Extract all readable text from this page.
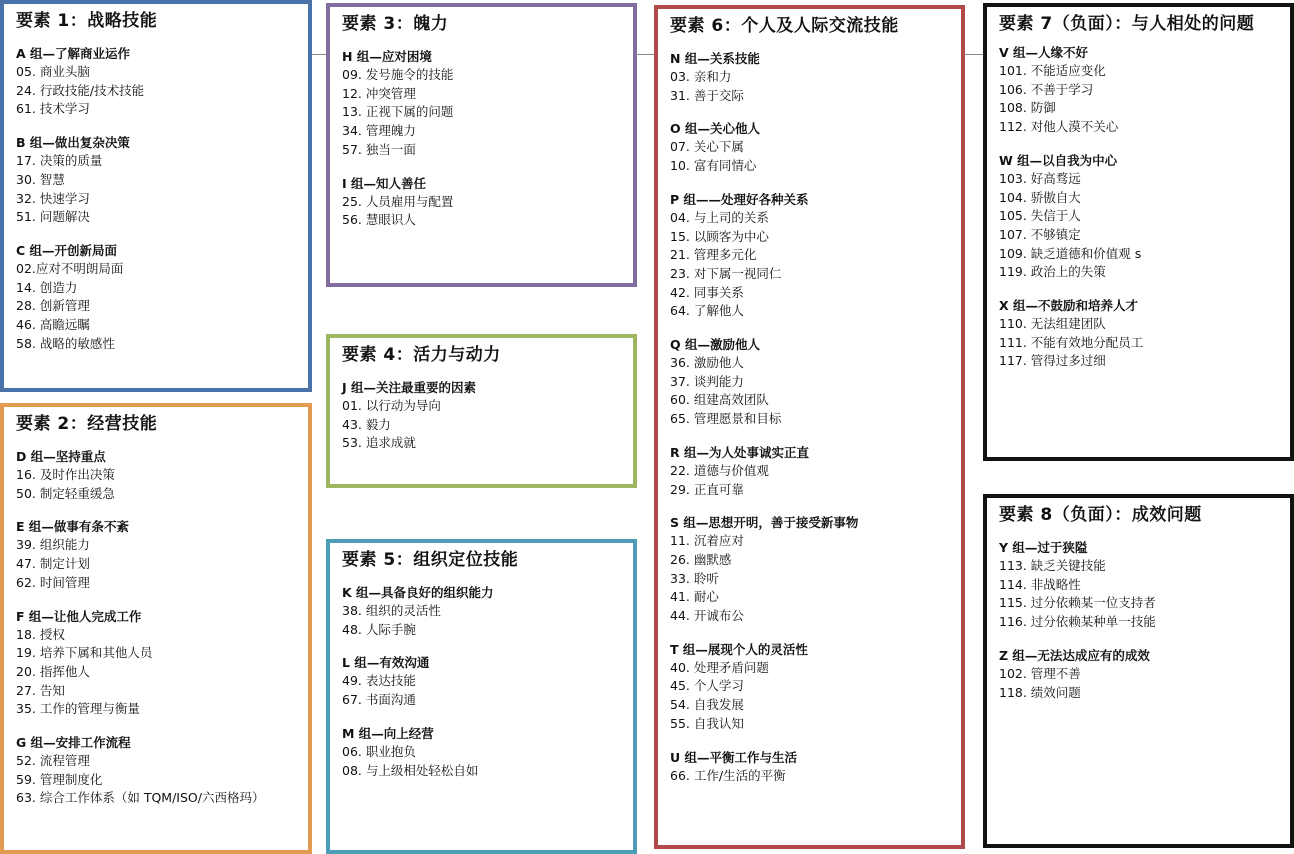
要素 1：战略技能
A 组—了解商业运作
05. 商业头脑
24. 行政技能/技术技能
61. 技术学习
B 组—做出复杂决策
17. 决策的质量
30. 智慧
32. 快速学习
51. 问题解决
C 组—开创新局面
02.应对不明朗局面
14. 创造力
28. 创新管理
46. 高瞻远瞩
58. 战略的敏感性
要素 2：经营技能
D 组—坚持重点
16. 及时作出决策
50. 制定轻重缓急
E 组—做事有条不紊
39. 组织能力
47. 制定计划
62. 时间管理
F 组—让他人完成工作
18. 授权
19. 培养下属和其他人员
20. 指挥他人
27. 告知
35. 工作的管理与衡量
G 组—安排工作流程
52. 流程管理
59. 管理制度化
63. 综合工作体系（如 TQM/ISO/六西格玛）
要素 3：魄力
H 组—应对困境
09. 发号施令的技能
12. 冲突管理
13. 正视下属的问题
34. 管理魄力
57. 独当一面
I 组—知人善任
25. 人员雇用与配置
56. 慧眼识人
要素 4：活力与动力
J 组—关注最重要的因素
01. 以行动为导向
43. 毅力
53. 追求成就
要素 5：组织定位技能
K 组—具备良好的组织能力
38. 组织的灵活性
48. 人际手腕
L 组—有效沟通
49. 表达技能
67. 书面沟通
M 组—向上经营
06. 职业抱负
08. 与上级相处轻松自如
要素 6：个人及人际交流技能
N 组—关系技能
03. 亲和力
31. 善于交际
O 组—关心他人
07. 关心下属
10. 富有同情心
P 组——处理好各种关系
04. 与上司的关系
15. 以顾客为中心
21. 管理多元化
23. 对下属一视同仁
42. 同事关系
64. 了解他人
Q 组—激励他人
36. 激励他人
37. 谈判能力
60. 组建高效团队
65. 管理愿景和目标
R 组—为人处事诚实正直
22. 道德与价值观
29. 正直可靠
S 组—思想开明，善于接受新事物
11. 沉着应对
26. 幽默感
33. 聆听
41. 耐心
44. 开诚布公
T 组—展现个人的灵活性
40. 处理矛盾问题
45. 个人学习
54. 自我发展
55. 自我认知
U 组—平衡工作与生活
66. 工作/生活的平衡
要素 7（负面）：与人相处的问题
V 组—人缘不好
101. 不能适应变化
106. 不善于学习
108. 防御
112. 对他人漠不关心
W 组—以自我为中心
103. 好高骛远
104. 骄傲自大
105. 失信于人
107. 不够镇定
109. 缺乏道德和价值观 s
119. 政治上的失策
X 组—不鼓励和培养人才
110. 无法组建团队
111. 不能有效地分配员工
117. 管得过多过细
要素 8（负面）：成效问题
Y 组—过于狭隘
113. 缺乏关键技能
114. 非战略性
115. 过分依赖某一位支持者
116. 过分依赖某种单一技能
Z 组—无法达成应有的成效
102. 管理不善
118. 绩效问题
